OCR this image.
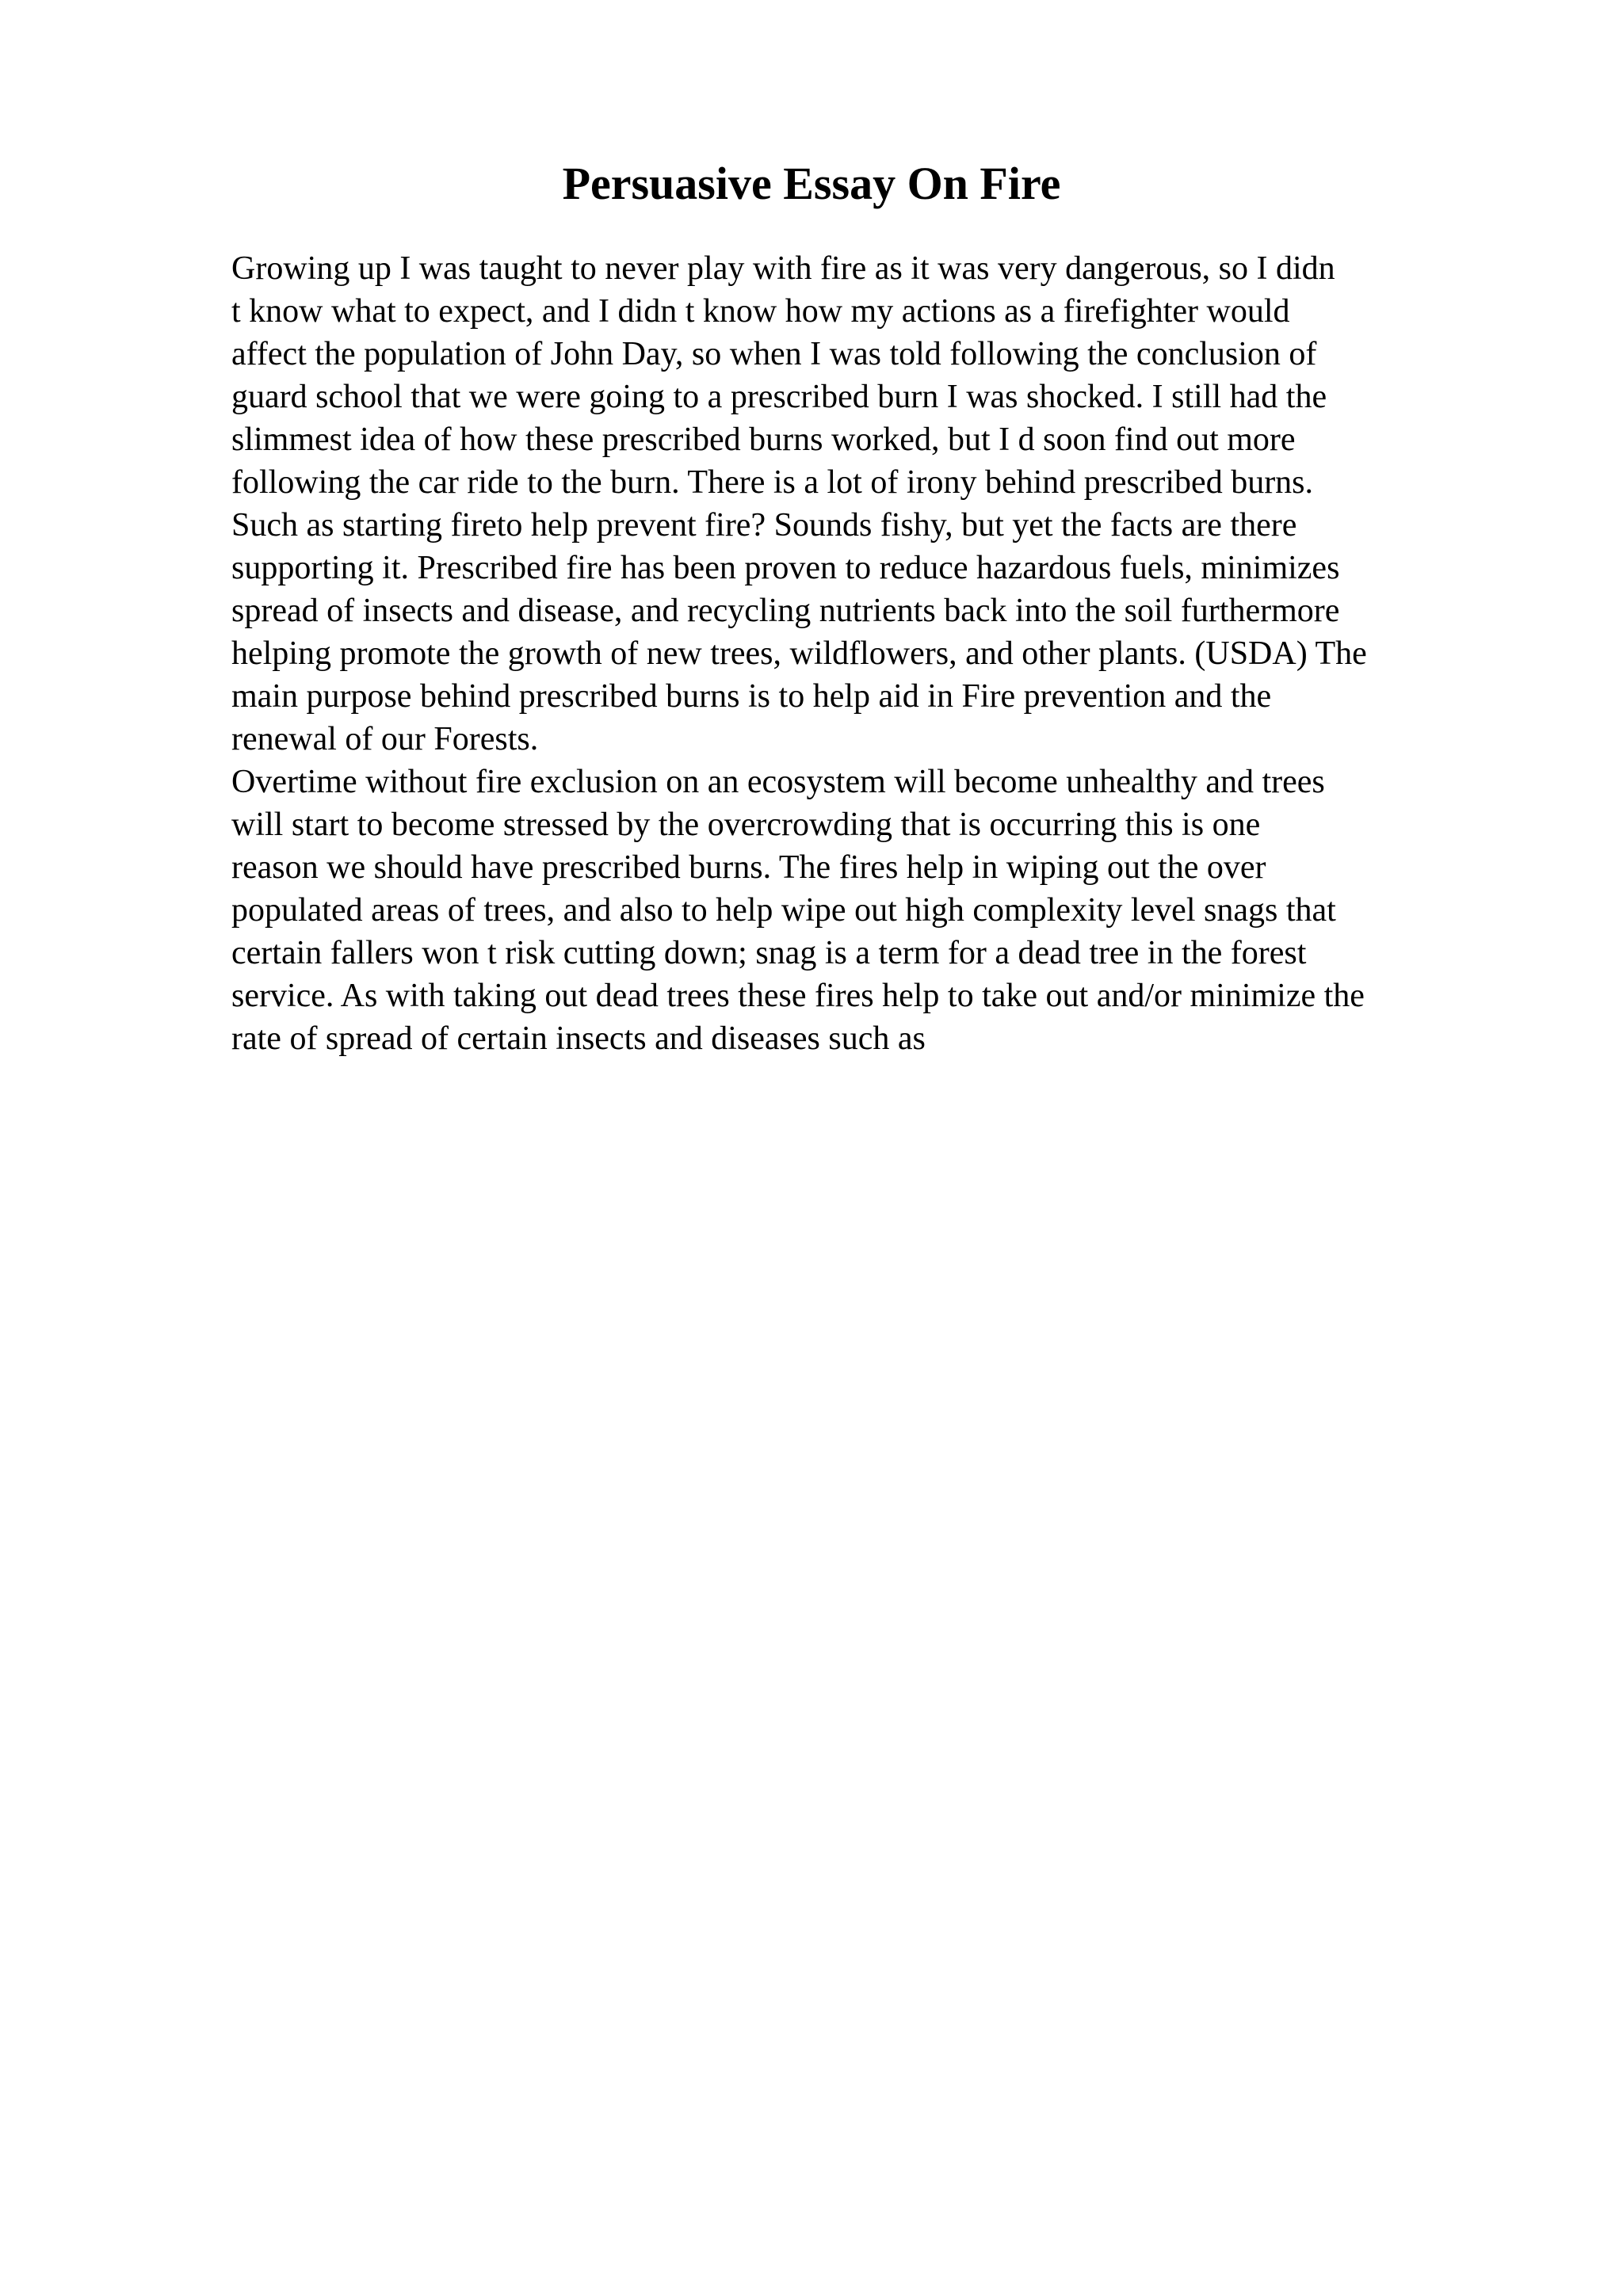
Persuasive Essay On Fire
Growing up I was taught to never play with fire as it was very dangerous, so I didn
t know what to expect, and I didn t know how my actions as a firefighter would
affect the population of John Day, so when I was told following the conclusion of
guard school that we were going to a prescribed burn I was shocked. I still had the
slimmest idea of how these prescribed burns worked, but I d soon find out more
following the car ride to the burn. There is a lot of irony behind prescribed burns.
Such as starting fireto help prevent fire? Sounds fishy, but yet the facts are there
supporting it. Prescribed fire has been proven to reduce hazardous fuels, minimizes
spread of insects and disease, and recycling nutrients back into the soil furthermore
helping promote the growth of new trees, wildflowers, and other plants. (USDA) The
main purpose behind prescribed burns is to help aid in Fire prevention and the
renewal of our Forests.
Overtime without fire exclusion on an ecosystem will become unhealthy and trees
will start to become stressed by the overcrowding that is occurring this is one
reason we should have prescribed burns. The fires help in wiping out the over
populated areas of trees, and also to help wipe out high complexity level snags that
certain fallers won t risk cutting down; snag is a term for a dead tree in the forest
service. As with taking out dead trees these fires help to take out and/or minimize the
rate of spread of certain insects and diseases such as
